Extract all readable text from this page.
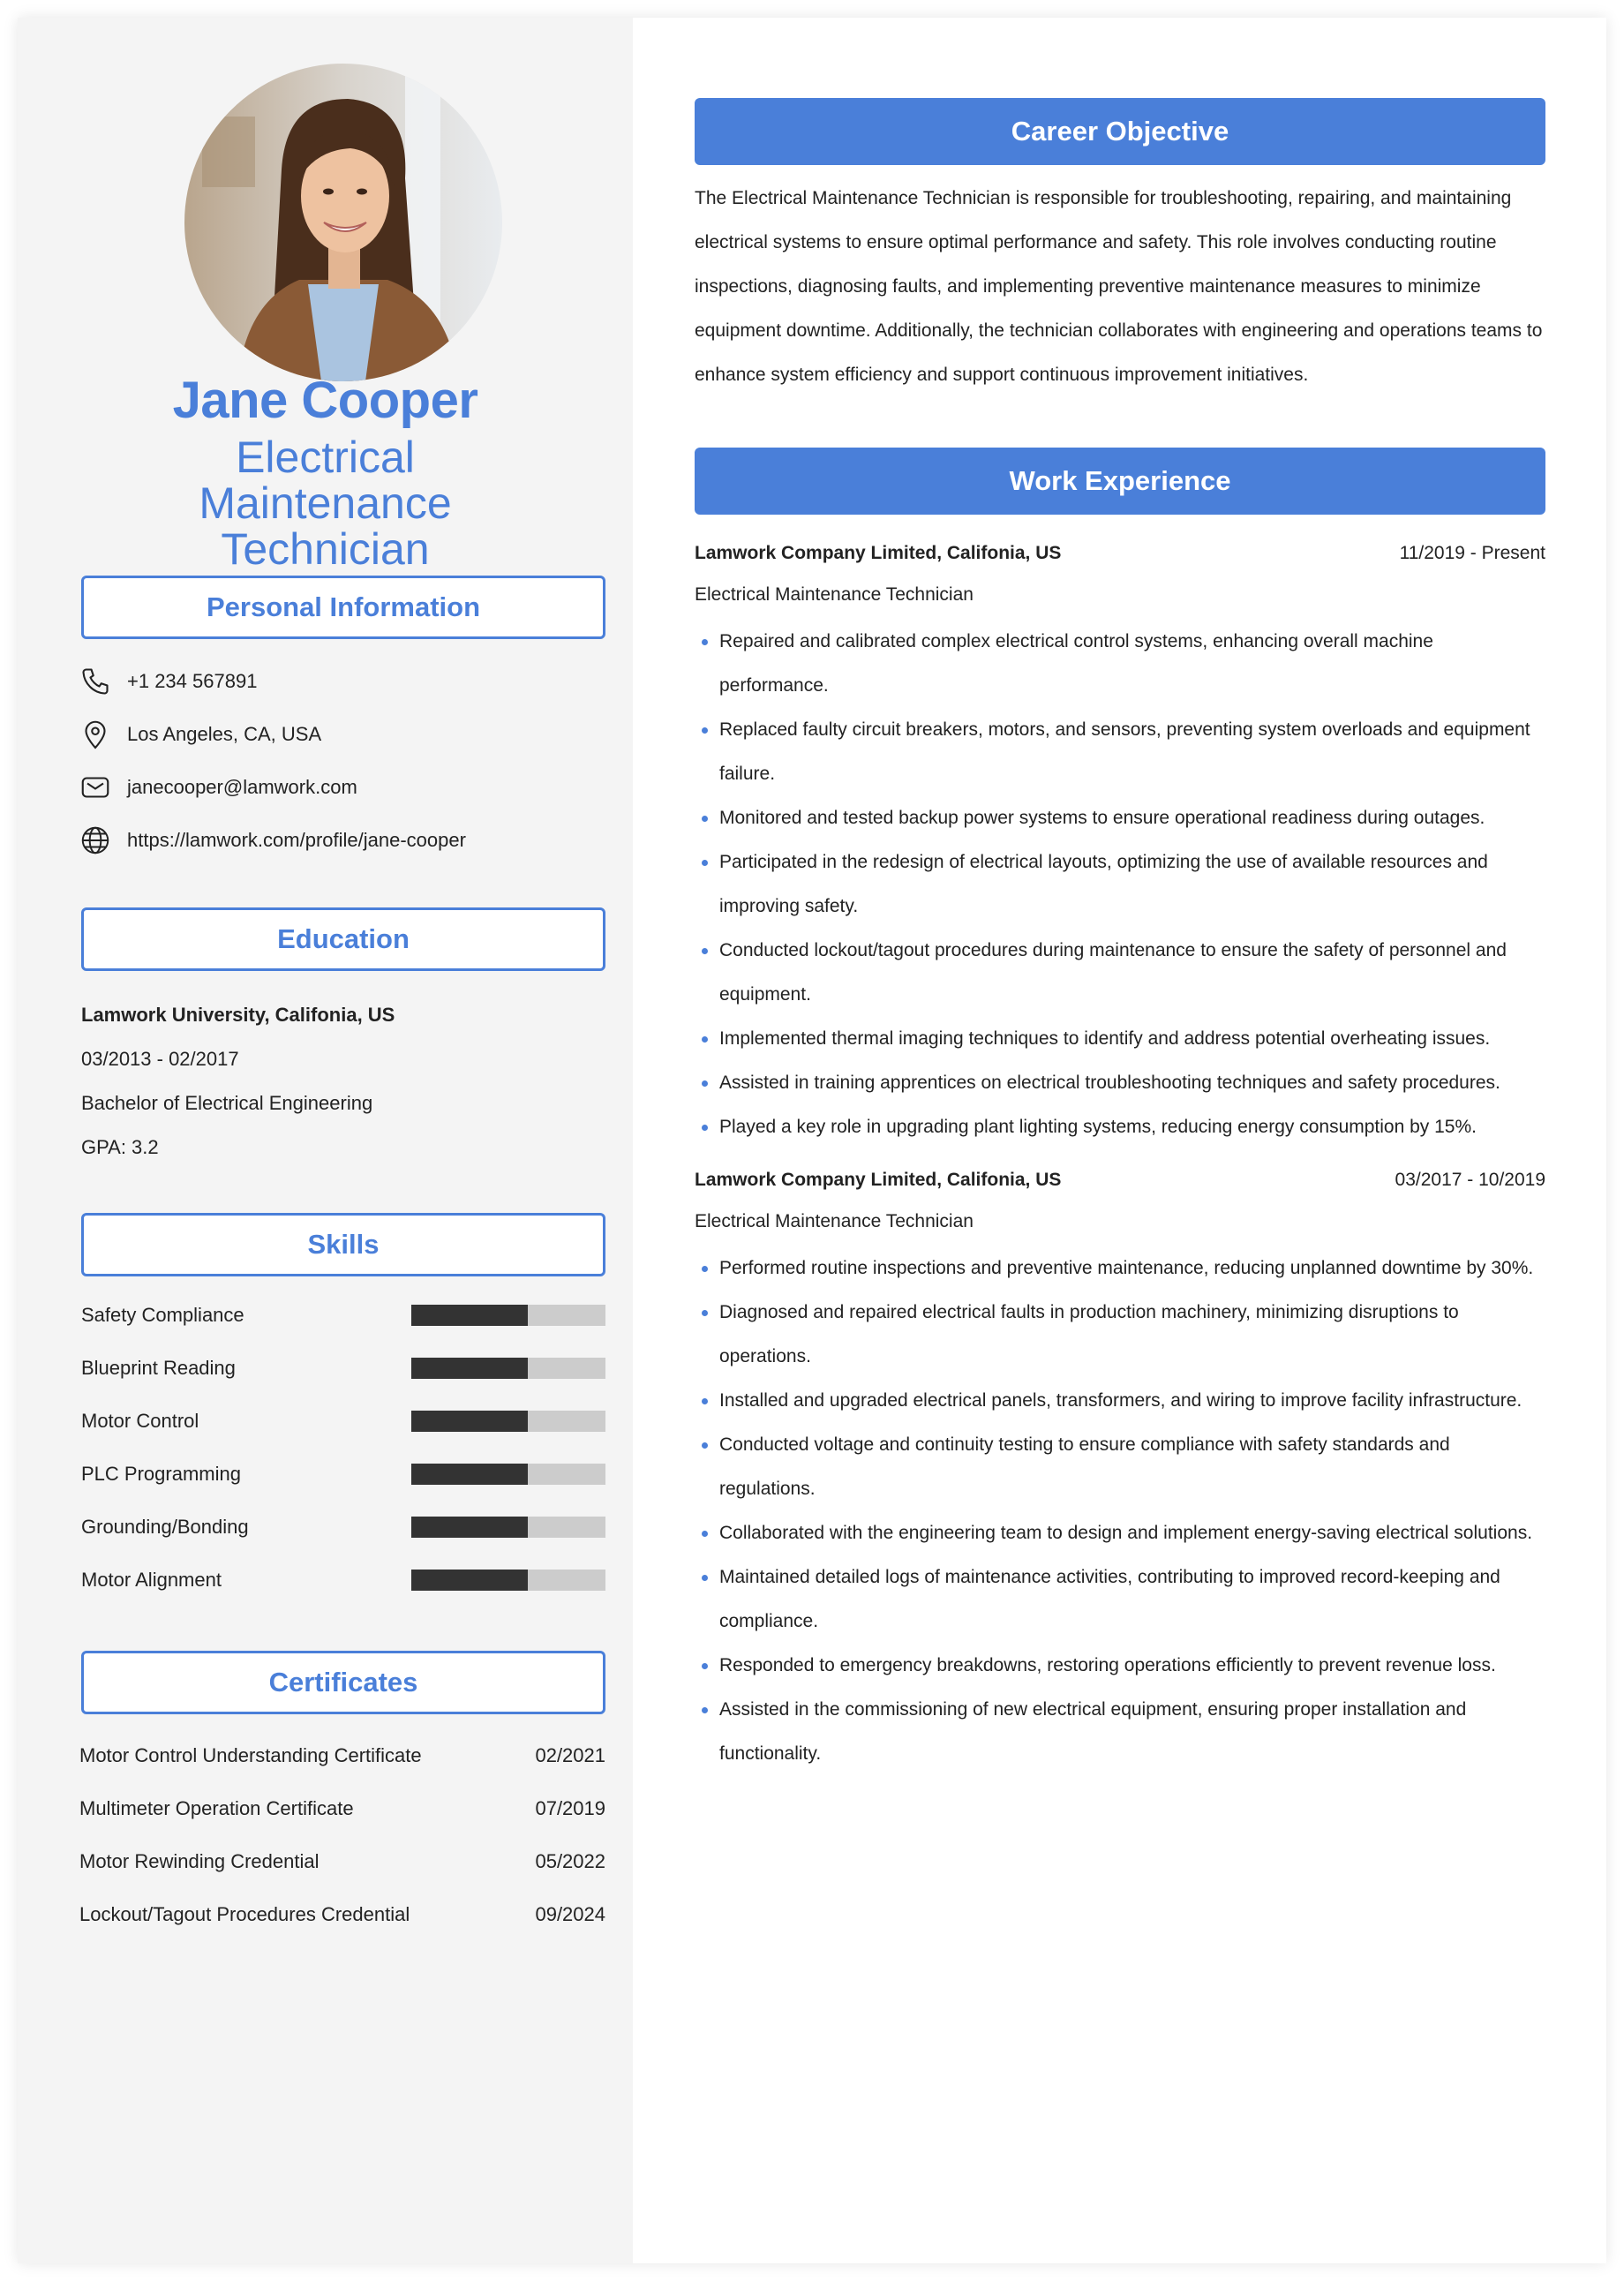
Jane Cooper
Electrical Maintenance Technician
Personal Information
+1 234 567891
Los Angeles, CA, USA
janecooper@lamwork.com
https://lamwork.com/profile/jane-cooper
Education
Lamwork University, Califonia, US
03/2013 - 02/2017
Bachelor of Electrical Engineering
GPA: 3.2
Skills
Safety Compliance
Blueprint Reading
Motor Control
PLC Programming
Grounding/Bonding
Motor Alignment
Certificates
Motor Control Understanding Certificate	02/2021
Multimeter Operation Certificate	07/2019
Motor Rewinding Credential	05/2022
Lockout/Tagout Procedures Credential	09/2024
Career Objective

The Electrical Maintenance Technician is responsible for troubleshooting, repairing, and maintaining electrical systems to ensure optimal performance and safety. This role involves conducting routine inspections, diagnosing faults, and implementing preventive maintenance measures to minimize equipment downtime. Additionally, the technician collaborates with engineering and operations teams to enhance system efficiency and support continuous improvement initiatives.

Work Experience
Lamwork Company Limited, Califonia, US	11/2019 - Present
Electrical Maintenance Technician
Repaired and calibrated complex electrical control systems, enhancing overall machine performance.
Replaced faulty circuit breakers, motors, and sensors, preventing system overloads and equipment failure.
Monitored and tested backup power systems to ensure operational readiness during outages.
Participated in the redesign of electrical layouts, optimizing the use of available resources and improving safety.
Conducted lockout/tagout procedures during maintenance to ensure the safety of personnel and equipment.
Implemented thermal imaging techniques to identify and address potential overheating issues.
Assisted in training apprentices on electrical troubleshooting techniques and safety procedures.
Played a key role in upgrading plant lighting systems, reducing energy consumption by 15%.
Lamwork Company Limited, Califonia, US	03/2017 - 10/2019
Electrical Maintenance Technician
Performed routine inspections and preventive maintenance, reducing unplanned downtime by 30%.
Diagnosed and repaired electrical faults in production machinery, minimizing disruptions to operations.
Installed and upgraded electrical panels, transformers, and wiring to improve facility infrastructure.
Conducted voltage and continuity testing to ensure compliance with safety standards and regulations.
Collaborated with the engineering team to design and implement energy-saving electrical solutions.
Maintained detailed logs of maintenance activities, contributing to improved record-keeping and compliance.
Responded to emergency breakdowns, restoring operations efficiently to prevent revenue loss.
Assisted in the commissioning of new electrical equipment, ensuring proper installation and functionality.
